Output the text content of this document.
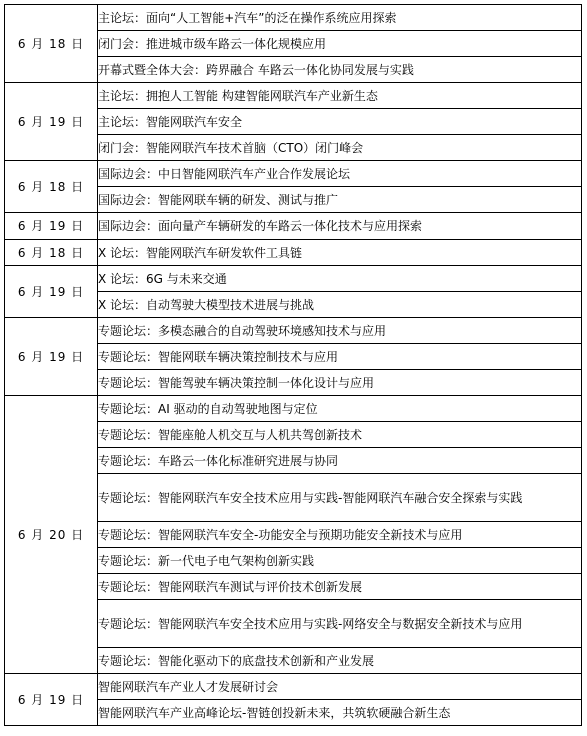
6 月 18 日	主论坛：面向“人工智能+汽车”的泛在操作系统应用探索

	闭门会：推进城市级车路云一体化规模应用

	开幕式暨全体大会：跨界融合 车路云一体化协同发展与实践

6 月 19 日	主论坛：拥抱人工智能 构建智能网联汽车产业新生态

	主论坛：智能网联汽车安全

	闭门会：智能网联汽车技术首脑（CTO）闭门峰会

6 月 18 日	国际边会：中日智能网联汽车产业合作发展论坛

	国际边会：智能网联车辆的研发、测试与推广

6 月 19 日	国际边会：面向量产车辆研发的车路云一体化技术与应用探索

6 月 18 日	X 论坛：智能网联汽车研发软件工具链

6 月 19 日	X 论坛：6G 与未来交通

	X 论坛：自动驾驶大模型技术进展与挑战

6 月 19 日	专题论坛：多模态融合的自动驾驶环境感知技术与应用

	专题论坛：智能网联车辆决策控制技术与应用

	专题论坛：智能驾驶车辆决策控制一体化设计与应用

6 月 20 日	专题论坛：AI 驱动的自动驾驶地图与定位

	专题论坛：智能座舱人机交互与人机共驾创新技术

	专题论坛：车路云一体化标准研究进展与协同

	专题论坛：智能网联汽车安全技术应用与实践-智能网联汽车融合安全探索与实践

	专题论坛：智能网联汽车安全-功能安全与预期功能安全新技术与应用

	专题论坛：新一代电子电气架构创新实践

	专题论坛：智能网联汽车测试与评价技术创新发展

	专题论坛：智能网联汽车安全技术应用与实践-网络安全与数据安全新技术与应用

	专题论坛：智能化驱动下的底盘技术创新和产业发展

6 月 19 日	智能网联汽车产业人才发展研讨会

	智能网联汽车产业高峰论坛-智链创投新未来，共筑软硬融合新生态
